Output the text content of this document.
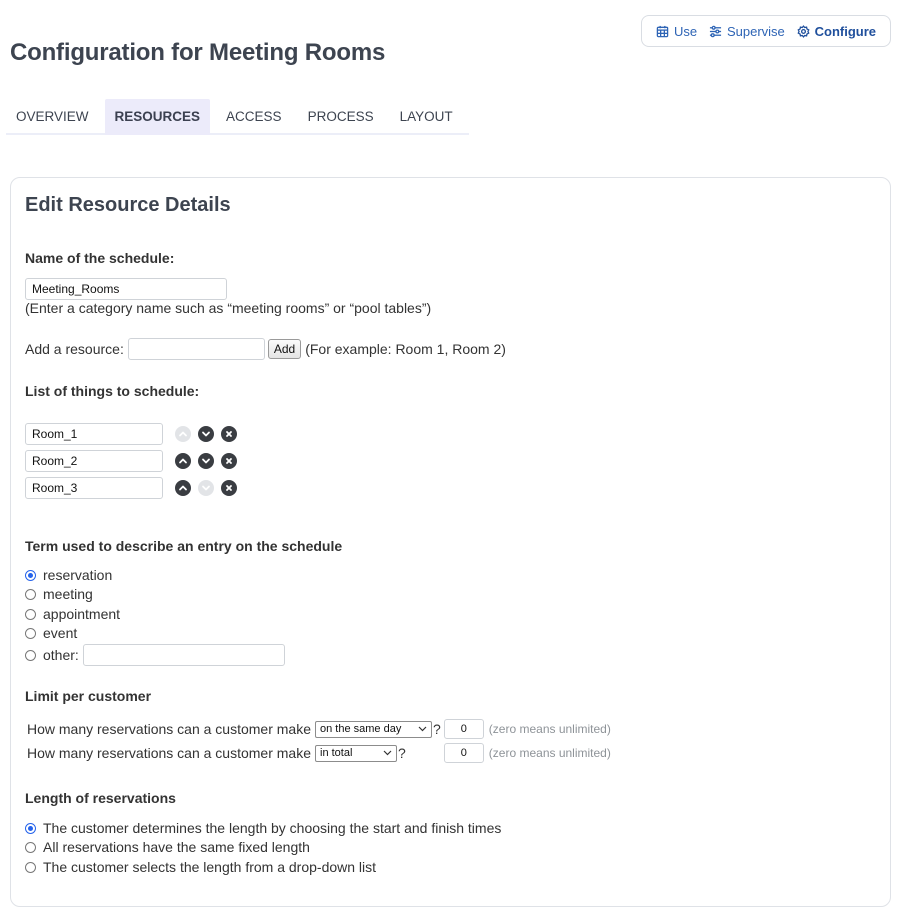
Use Supervise Configure
Configuration for Meeting Rooms
OVERVIEW	RESOURCES	ACCESS	PROCESS	LAYOUT
Edit Resource Details
Name of the schedule:
Meeting_Rooms
(Enter a category name such as “meeting rooms” or “pool tables”)
Add a resource:	Add (For example: Room 1, Room 2)
List of things to schedule:
Room_1
Room_2
Room_3
Term used to describe an entry on the schedule
reservation
meeting
appointment
event
other:
Limit per customer
How many reservations can a customer make on the same day ?	0	(zero means unlimited)
How many reservations can a customer make in total	?	0	(zero means unlimited)
Length of reservations
The customer determines the length by choosing the start and finish times
All reservations have the same fixed length
The customer selects the length from a drop-down list
